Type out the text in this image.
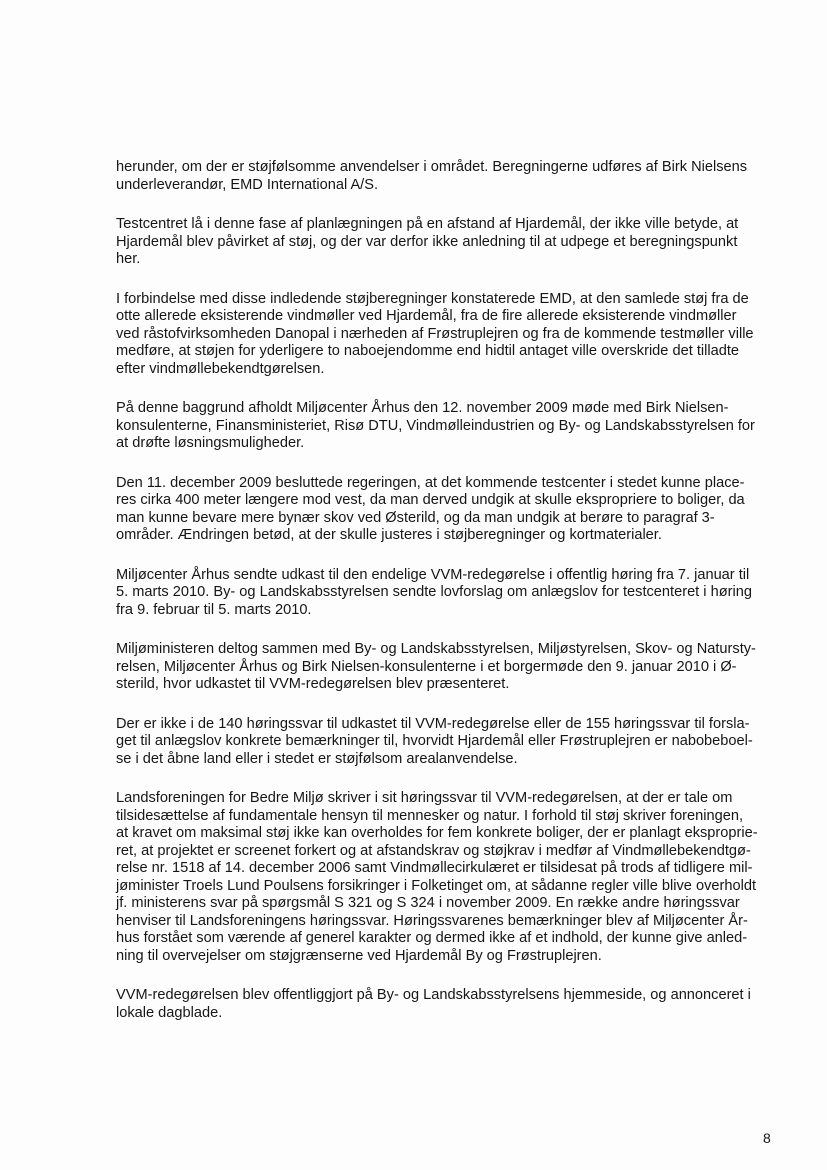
herunder, om der er støjfølsomme anvendelser i området. Beregningerne udføres af Birk Nielsens
underleverandør, EMD International A/S.

Testcentret lå i denne fase af planlægningen på en afstand af Hjardemål, der ikke ville betyde, at
Hjardemål blev påvirket af støj, og der var derfor ikke anledning til at udpege et beregningspunkt
her.

I forbindelse med disse indledende støjberegninger konstaterede EMD, at den samlede støj fra de
otte allerede eksisterende vindmøller ved Hjardemål, fra de fire allerede eksisterende vindmøller
ved råstofvirksomheden Danopal i nærheden af Frøstruplejren og fra de kommende testmøller ville
medføre, at støjen for yderligere to naboejendomme end hidtil antaget ville overskride det tilladte
efter vindmøllebekendtgørelsen.

På denne baggrund afholdt Miljøcenter Århus den 12. november 2009 møde med Birk Nielsen-
konsulenterne, Finansministeriet, Risø DTU, Vindmølleindustrien og By- og Landskabsstyrelsen for
at drøfte løsningsmuligheder.

Den 11. december 2009 besluttede regeringen, at det kommende testcenter i stedet kunne place-
res cirka 400 meter længere mod vest, da man derved undgik at skulle ekspropriere to boliger, da
man kunne bevare mere bynær skov ved Østerild, og da man undgik at berøre to paragraf 3-
områder. Ændringen betød, at der skulle justeres i støjberegninger og kortmaterialer.

Miljøcenter Århus sendte udkast til den endelige VVM-redegørelse i offentlig høring fra 7. januar til
5. marts 2010. By- og Landskabsstyrelsen sendte lovforslag om anlægslov for testcenteret i høring
fra 9. februar til 5. marts 2010.

Miljøministeren deltog sammen med By- og Landskabsstyrelsen, Miljøstyrelsen, Skov- og Natursty-
relsen, Miljøcenter Århus og Birk Nielsen-konsulenterne i et borgermøde den 9. januar 2010 i Ø-
sterild, hvor udkastet til VVM-redegørelsen blev præsenteret.

Der er ikke i de 140 høringssvar til udkastet til VVM-redegørelse eller de 155 høringssvar til forsla-
get til anlægslov konkrete bemærkninger til, hvorvidt Hjardemål eller Frøstruplejren er nabobeboel-
se i det åbne land eller i stedet er støjfølsom arealanvendelse.

Landsforeningen for Bedre Miljø skriver i sit høringssvar til VVM-redegørelsen, at der er tale om
tilsidesættelse af fundamentale hensyn til mennesker og natur. I forhold til støj skriver foreningen,
at kravet om maksimal støj ikke kan overholdes for fem konkrete boliger, der er planlagt eksproprie-
ret, at projektet er screenet forkert og at afstandskrav og støjkrav i medfør af Vindmøllebekendtgø-
relse nr. 1518 af 14. december 2006 samt Vindmøllecirkulæret er tilsidesat på trods af tidligere mil-
jøminister Troels Lund Poulsens forsikringer i Folketinget om, at sådanne regler ville blive overholdt
jf. ministerens svar på spørgsmål S 321 og S 324 i november 2009. En række andre høringssvar
henviser til Landsforeningens høringssvar. Høringssvarenes bemærkninger blev af Miljøcenter År-
hus forstået som værende af generel karakter og dermed ikke af et indhold, der kunne give anled-
ning til overvejelser om støjgrænserne ved Hjardemål By og Frøstruplejren.

VVM-redegørelsen blev offentliggjort på By- og Landskabsstyrelsens hjemmeside, og annonceret i
lokale dagblade.

8
